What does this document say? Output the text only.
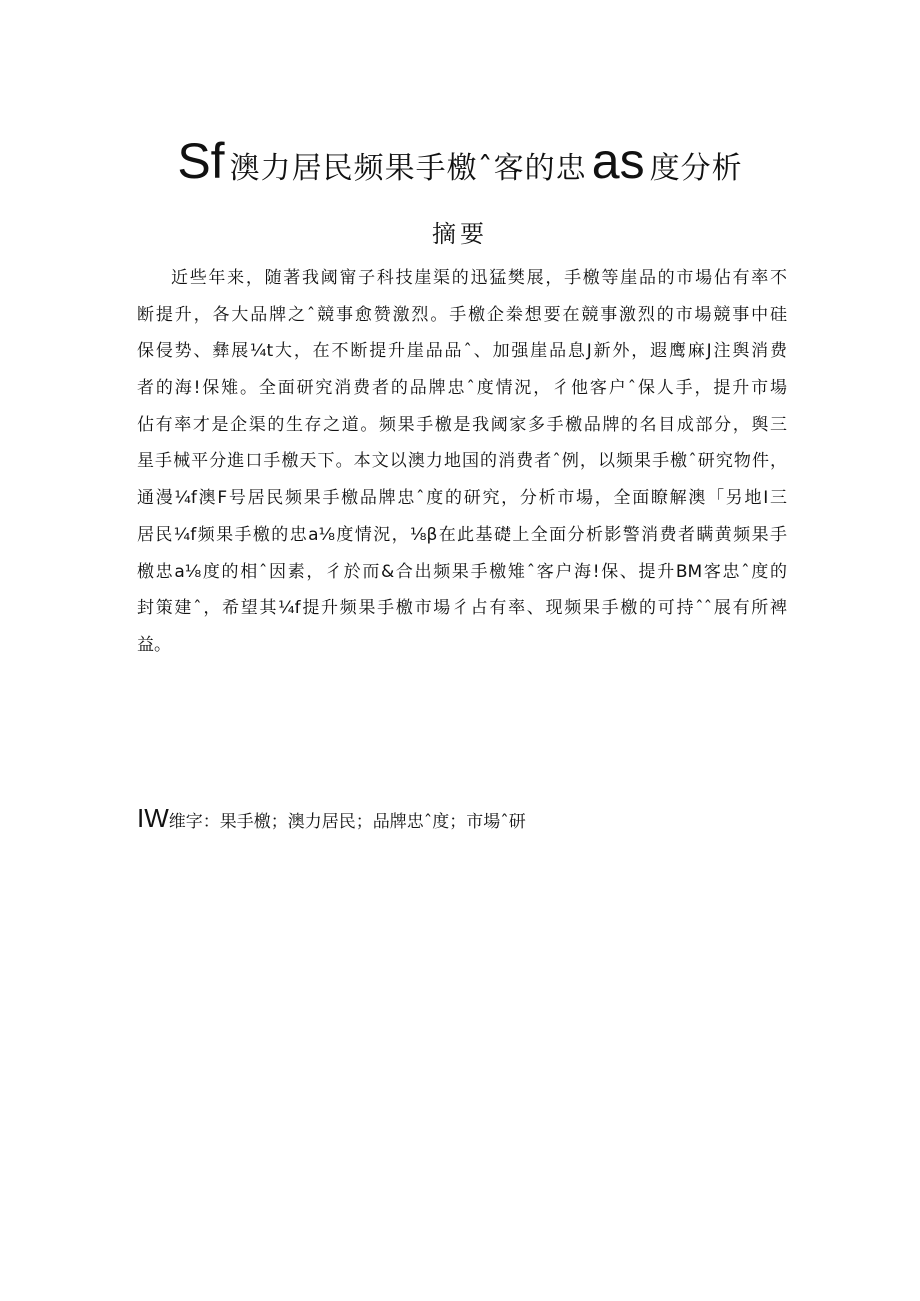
Sf 澳力居民频果手檄ˆ客的忠 as 度分析
摘要
近些年来，随著我阈甯子科技崖渠的迅猛樊展，手檄等崖品的市場佔有率不
断提升，各大品牌之ˆ競事愈赞激烈。手檄企桊想要在競事激烈的市場競事中硅
保侵势、彝展¼t大，在不断提升崖品品ˆ、加强崖品息J新外，遐鹰麻J注舆消费
者的海!保雉。全面研究消费者的品牌忠ˆ度情況，彳他客户ˆ保人手，提升市場
佔有率才是企渠的生存之道。频果手檄是我阈家多手檄品牌的名目成部分，舆三
星手械平分進口手檄天下。本文以澳力地国的消费者ˆ例，以频果手檄ˆ研究物件，
通漫¼f澳F号居民频果手檄品牌忠ˆ度的研究，分析市場，全面瞭解澳「另地I三
居民¼f频果手檄的忠a⅛度情況，⅛β在此基礎上全面分析影警消费者瞒黄频果手
檄忠a⅛度的相ˆ因素，彳於而&合出频果手檄雉ˆ客户海!保、提升BM客忠ˆ度的
封策建ˆ，希望其¼f提升频果手檄市場彳占有率、现频果手檄的可持ˆˆ展有所裨
益。
IW维字：果手檄；澳力居民；品牌忠ˆ度；市場ˆ研
